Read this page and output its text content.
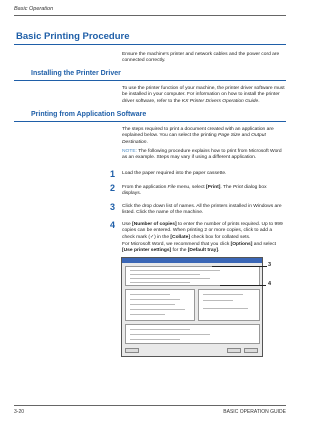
Basic Operation
Basic Printing Procedure
Ensure the machine's printer and network cables and the power cord are connected correctly.
Installing the Printer Driver
To use the printer function of your machine, the printer driver software must be installed in your computer. For information on how to install the printer driver software, refer to the KX Printer Drivers Operation Guide.
Printing from Application Software
The steps required to print a document created with an application are explained below. You can select the printing Page Size and Output Destination.
NOTE: The following procedure explains how to print from Microsoft Word as an example. Steps may vary if using a different application.
1 Load the paper required into the paper cassette.
2 From the application File menu, select [Print]. The Print dialog box displays.
3 Click the drop down list of names. All the printers installed in Windows are listed. Click the name of the machine.
4 Use [Number of copies] to enter the number of prints required. Up to 999 copies can be entered. When printing 2 or more copies, click to add a check mark (✓) in the [Collate] check box for collated sets.
For Microsoft Word, we recommend that you click [Options] and select
[Use printer settings] for the [Default tray].
3
4
3-20	BASIC OPERATION GUIDE
